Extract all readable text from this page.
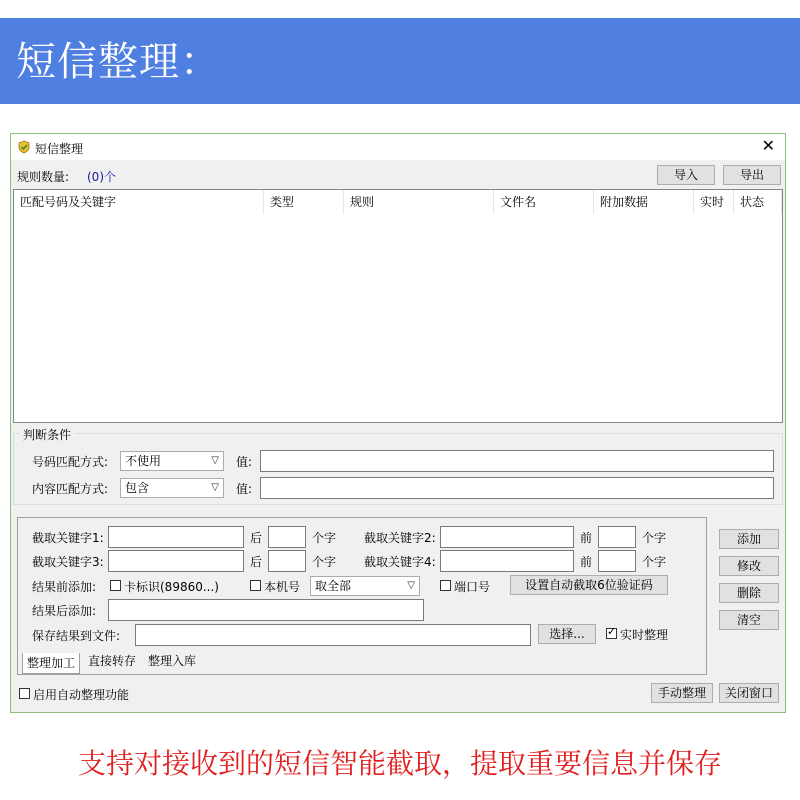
短信整理：
短信整理	✕
规则数量: (0)个	导入	导出
匹配号码及关键字	类型	规则	文件名	附加数据	实时	状态
判断条件
号码匹配方式:	不使用	▽ 值:
内容匹配方式:	包含	▽ 值:
截取关键字1:	后	个字 截取关键字2:	前	个字
截取关键字3:	后	个字 截取关键字4:	前	个字
结果前添加: 卡标识(89860...)	本机号	取全部	▽	端口号	设置自动截取6位验证码
结果后添加:
保存结果到文件:	选择...	✓ 实时整理
整理加工	直接转存 整理入库
添加
修改
删除
清空
启用自动整理功能	手动整理	关闭窗口
支持对接收到的短信智能截取，提取重要信息并保存
